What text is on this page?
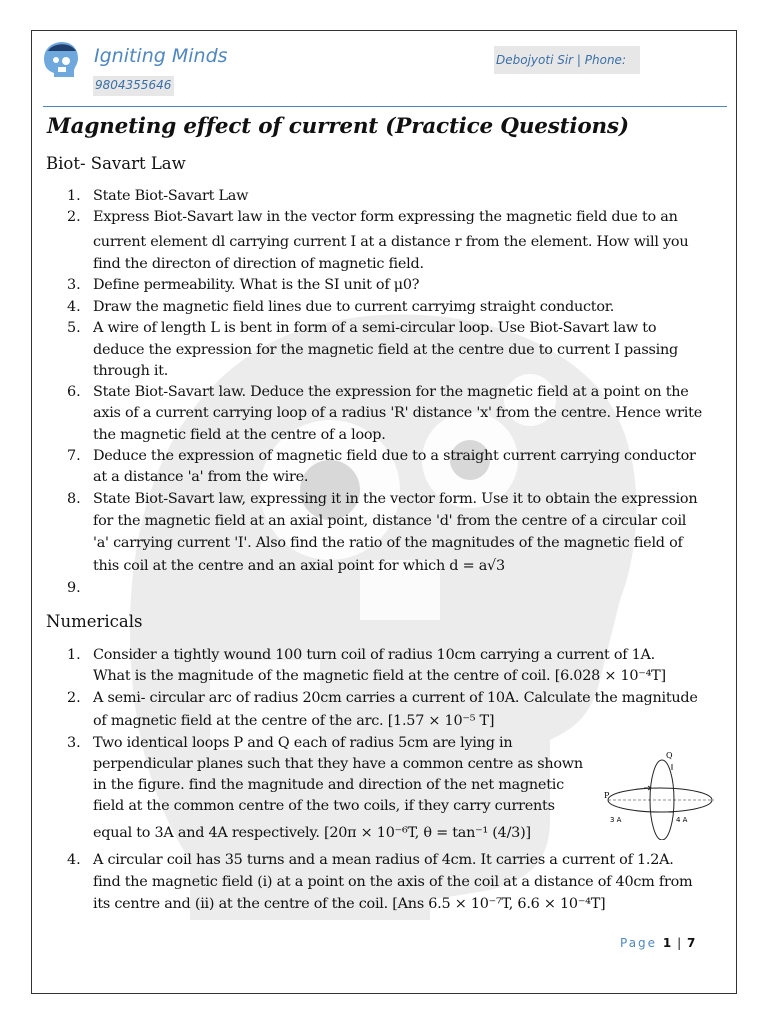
Igniting Minds	Debojyoti Sir | Phone:
9804355646
Magneting effect of current (Practice Questions)
Biot- Savart Law
1. State Biot-Savart Law
2. Express Biot-Savart law in the vector form expressing the magnetic field due to an
current element dl carrying current I at a distance r from the element. How will you
find the directon of direction of magnetic field.
3. Define permeability. What is the SI unit of μ0?
4. Draw the magnetic field lines due to current carryimg straight conductor.
5. A wire of length L is bent in form of a semi-circular loop. Use Biot-Savart law to
deduce the expression for the magnetic field at the centre due to current I passing
through it.
6. State Biot-Savart law. Deduce the expression for the magnetic field at a point on the
axis of a current carrying loop of a radius 'R' distance 'x' from the centre. Hence write
the magnetic field at the centre of a loop.
7. Deduce the expression of magnetic field due to a straight current carrying conductor
at a distance 'a' from the wire.
8. State Biot-Savart law, expressing it in the vector form. Use it to obtain the expression
for the magnetic field at an axial point, distance 'd' from the centre of a circular coil
'a' carrying current 'I'. Also find the ratio of the magnitudes of the magnetic field of
this coil at the centre and an axial point for which d = a√3
9.
Numericals
1. Consider a tightly wound 100 turn coil of radius 10cm carrying a current of 1A.
What is the magnitude of the magnetic field at the centre of coil. [6.028 × 10⁻⁴T]
2. A semi- circular arc of radius 20cm carries a current of 10A. Calculate the magnitude
of magnetic field at the centre of the arc. [1.57 × 10⁻⁵ T]
3. Two identical loops P and Q each of radius 5cm are lying in
perpendicular planes such that they have a common centre as shown
in the figure. find the magnitude and direction of the net magnetic
field at the common centre of the two coils, if they carry currents
equal to 3A and 4A respectively. [20π × 10⁻⁶T, θ = tan⁻¹ (4/3)]
4. A circular coil has 35 turns and a mean radius of 4cm. It carries a current of 1.2A.
find the magnetic field (i) at a point on the axis of the coil at a distance of 40cm from
its centre and (ii) at the centre of the coil. [Ans 6.5 × 10⁻⁷T, 6.6 × 10⁻⁴T]
Q
P
3 A	4 A
Page 1 | 7
